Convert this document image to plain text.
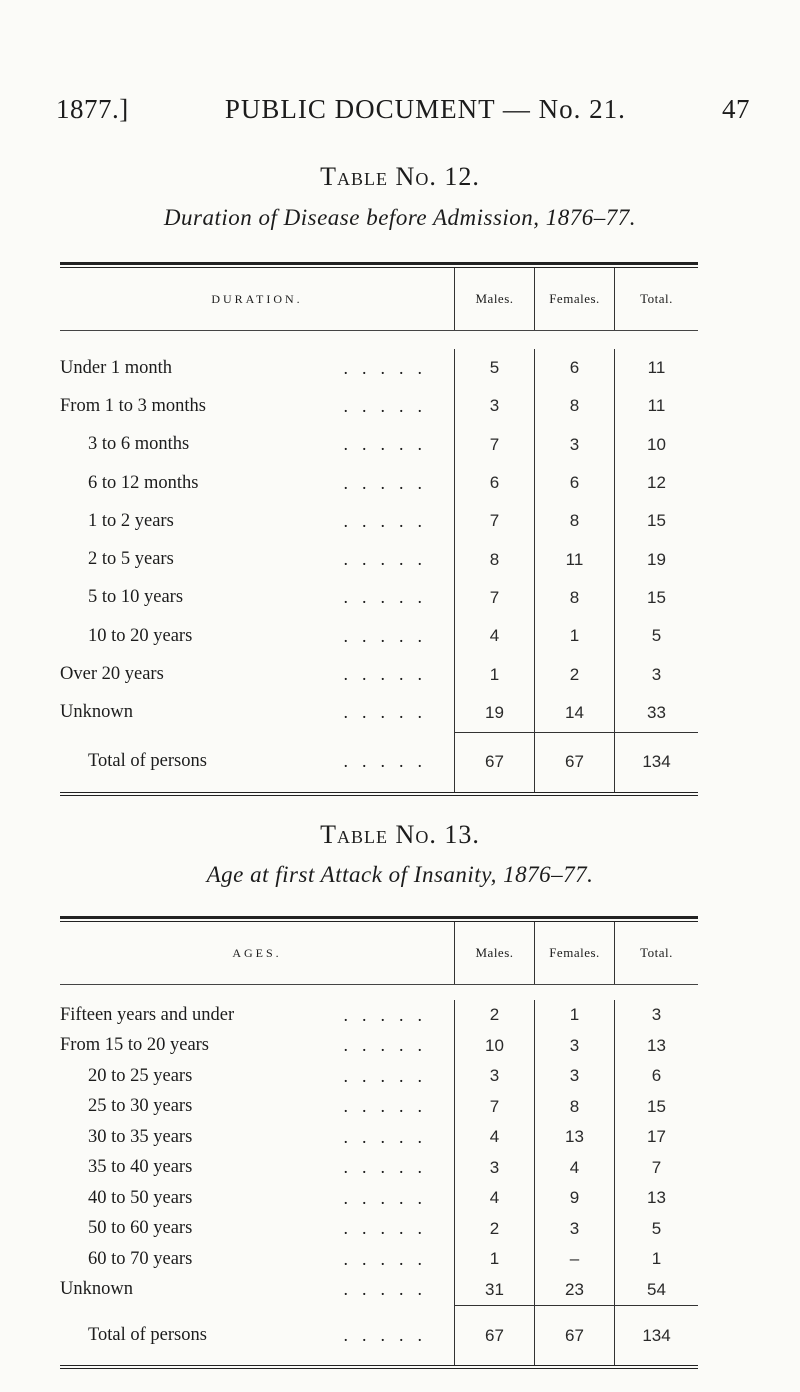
1877.]	PUBLIC DOCUMENT — No. 21.	47
Table No. 12.
Duration of Disease before Admission, 1876–77.
DURATION.	Males.	Females.	Total.
Under 1 month	.....	5	6	11
From 1 to 3 months	.....	3	8	11
3 to 6 months	.....	7	3	10
6 to 12 months	.....	6	6	12
1 to 2 years	.....	7	8	15
2 to 5 years	.....	8	11	19
5 to 10 years	.....	7	8	15
10 to 20 years	.....	4	1	5
Over 20 years	.....	1	2	3
Unknown	.....	19	14	33
Total of persons	.....	67	67	134
Table No. 13.
Age at first Attack of Insanity, 1876–77.
AGES.	Males.	Females.	Total.
Fifteen years and under	.....	2	1	3
From 15 to 20 years	.....	10	3	13
20 to 25 years	.....	3	3	6
25 to 30 years	.....	7	8	15
30 to 35 years	.....	4	13	17
35 to 40 years	.....	3	4	7
40 to 50 years	.....	4	9	13
50 to 60 years	.....	2	3	5
60 to 70 years	.....	1	–	1
Unknown	.....	31	23	54
Total of persons	.....	67	67	134
